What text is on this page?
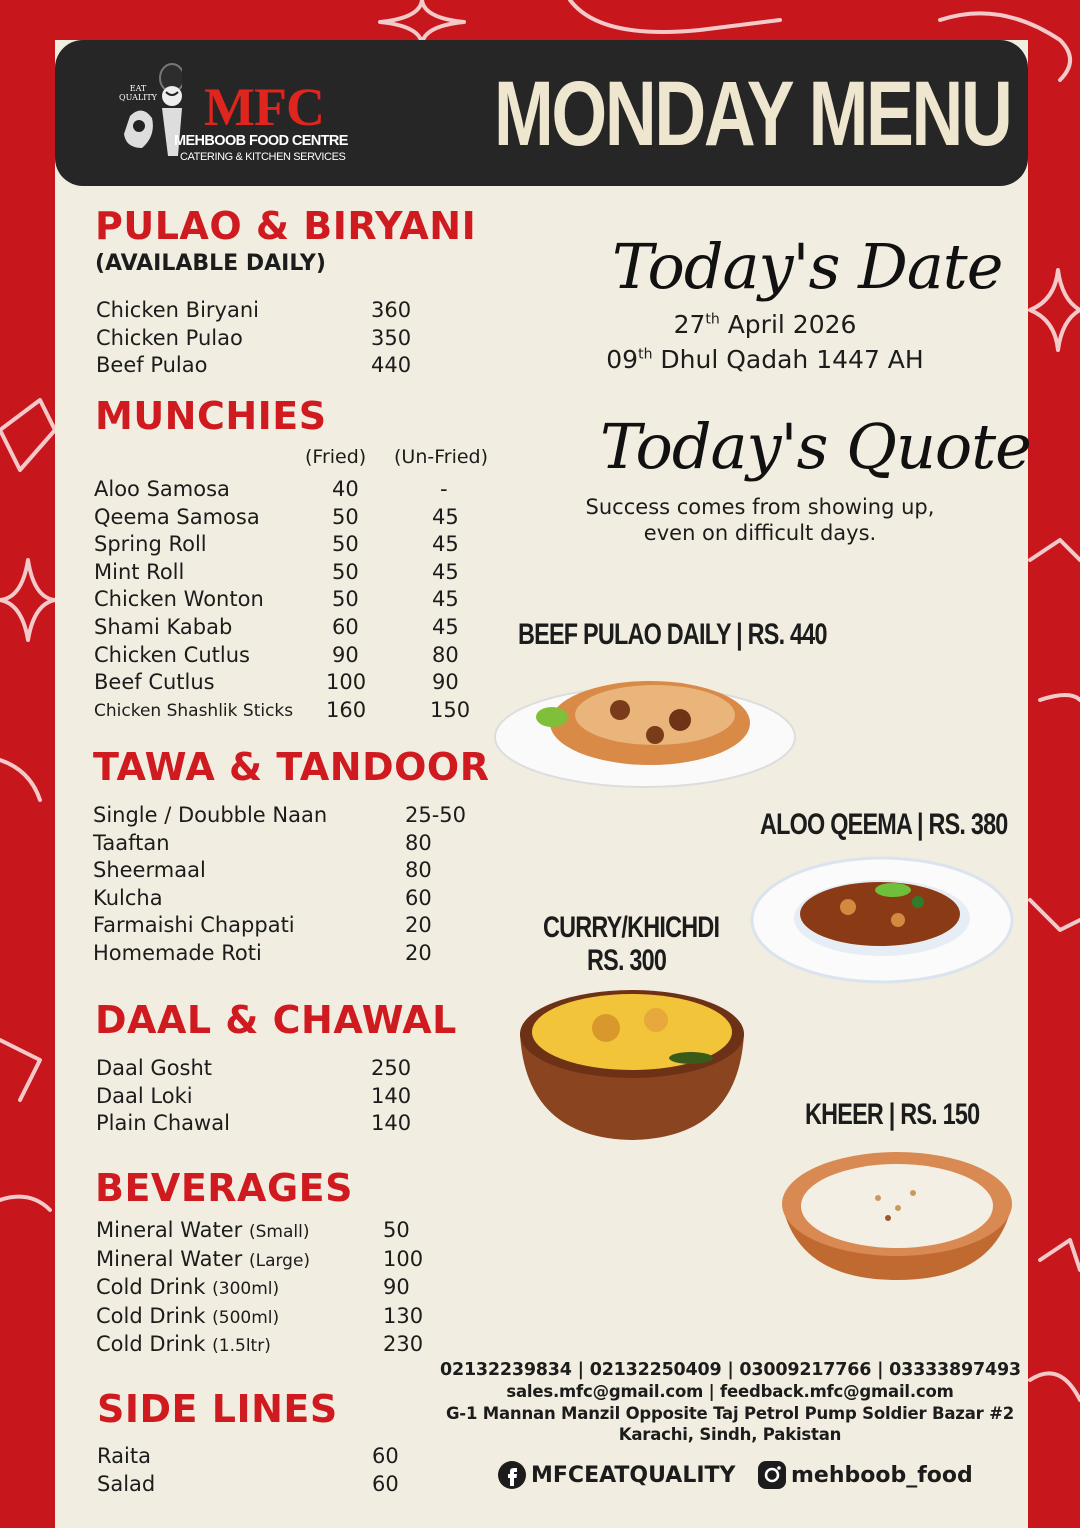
EAT
QUALITY MFC
MEHBOOB FOOD CENTRE
CATERING & KITCHEN SERVICES MONDAY MENU
PULAO & BIRYANI
(AVAILABLE DAILY)
Chicken Biryani	360
Chicken Pulao	350
Beef Pulao	440
MUNCHIES
(Fried) (Un-Fried)
Aloo Samosa	40	-
Qeema Samosa	50	45
Spring Roll	50	45
Mint Roll	50	45
Chicken Wonton	50	45
Shami Kabab	60	45
Chicken Cutlus	90	80
Beef Cutlus	100	90
Chicken Shashlik Sticks 160	150
TAWA & TANDOOR
Single / Doubble Naan	25-50
Taaftan	80
Sheermaal	80
Kulcha	60
Farmaishi Chappati	20
Homemade Roti	20
DAAL & CHAWAL
Daal Gosht	250
Daal Loki	140
Plain Chawal	140
BEVERAGES
Mineral Water (Small)	50
Mineral Water (Large)	100
Cold Drink (300ml)	90
Cold Drink (500ml)	130
Cold Drink (1.5ltr)	230
SIDE LINES
Raita	60
Salad	60
Today's Date
27th April 2026
09th Dhul Qadah 1447 AH
Today's Quote
Success comes from showing up,
even on difficult days.
BEEF PULAO DAILY | RS. 440
ALOO QEEMA | RS. 380
CURRY/KHICHDI
RS. 300
KHEER | RS. 150
02132239834 | 02132250409 | 03009217766 | 03333897493
sales.mfc@gmail.com | feedback.mfc@gmail.com
G-1 Mannan Manzil Opposite Taj Petrol Pump Soldier Bazar #2
Karachi, Sindh, Pakistan
MFCEATQUALITY	mehboob_food
